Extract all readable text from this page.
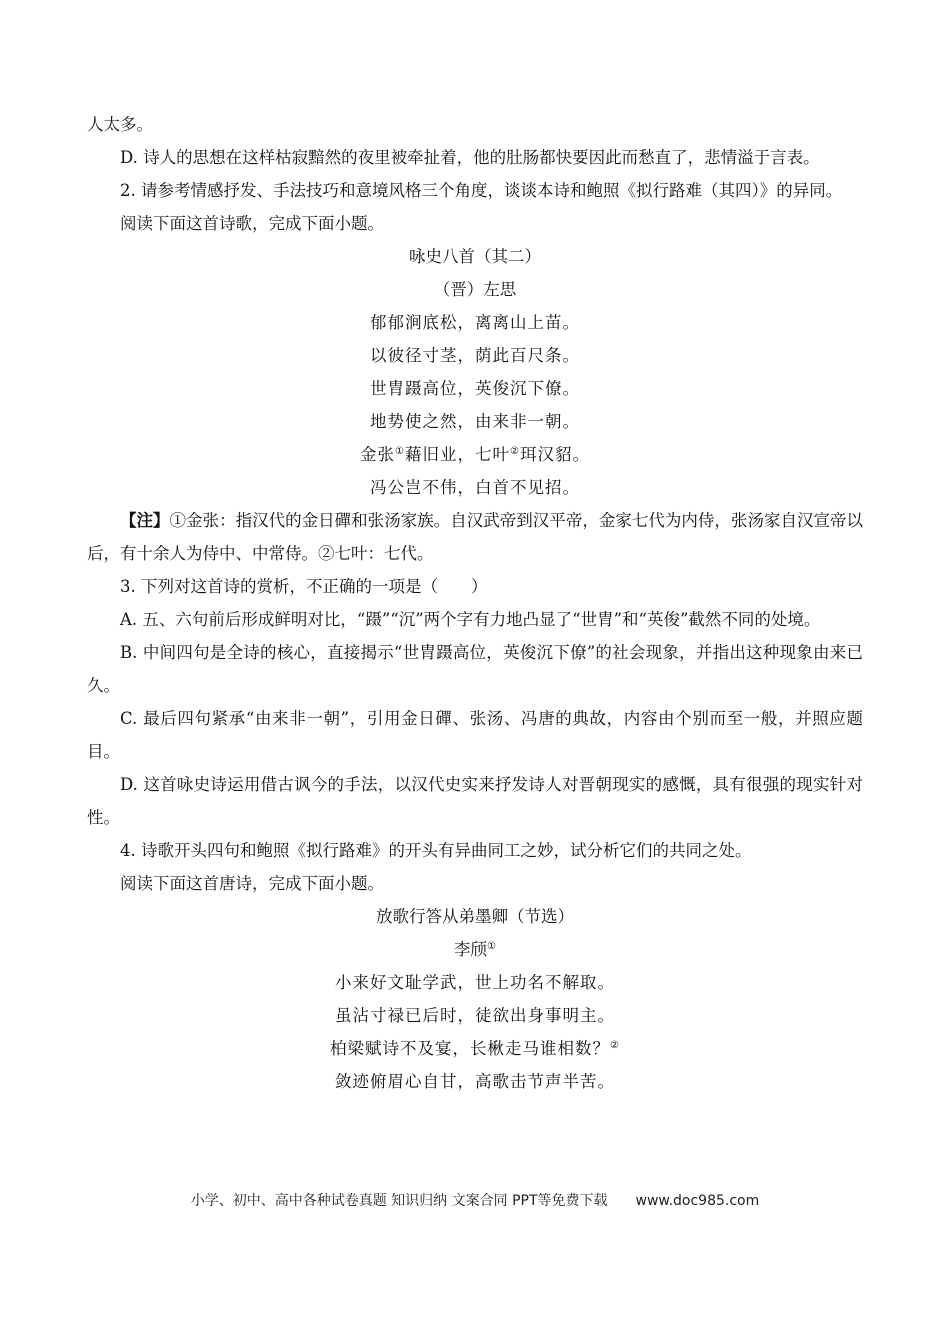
人太多。

D. 诗人的思想在这样枯寂黯然的夜里被牵扯着，他的肚肠都快要因此而愁直了，悲情溢于言表。

2. 请参考情感抒发、手法技巧和意境风格三个角度，谈谈本诗和鲍照《拟行路难（其四）》的异同。

阅读下面这首诗歌，完成下面小题。

咏史八首（其二）

（晋）左思

郁郁涧底松，离离山上苗。

以彼径寸茎，荫此百尺条。

世胄蹑高位，英俊沉下僚。

地势使之然，由来非一朝。

金张①藉旧业，七叶②珥汉貂。

冯公岂不伟，白首不见招。

【注】①金张：指汉代的金日磾和张汤家族。自汉武帝到汉平帝，金家七代为内侍，张汤家自汉宣帝以后，有十余人为侍中、中常侍。②七叶：七代。

3. 下列对这首诗的赏析，不正确的一项是（　　）

A. 五、六句前后形成鲜明对比，“蹑”“沉”两个字有力地凸显了“世胄”和“英俊”截然不同的处境。

B. 中间四句是全诗的核心，直接揭示“世胄蹑高位，英俊沉下僚”的社会现象，并指出这种现象由来已久。

C. 最后四句紧承“由来非一朝”，引用金日磾、张汤、冯唐的典故，内容由个别而至一般，并照应题目。

D. 这首咏史诗运用借古讽今的手法，以汉代史实来抒发诗人对晋朝现实的感慨，具有很强的现实针对性。

4. 诗歌开头四句和鲍照《拟行路难》的开头有异曲同工之妙，试分析它们的共同之处。

阅读下面这首唐诗，完成下面小题。

放歌行答从弟墨卿（节选）

李颀①

小来好文耻学武，世上功名不解取。

虽沾寸禄已后时，徒欲出身事明主。

柏梁赋诗不及宴，长楸走马谁相数？②

敛迹俯眉心自甘，高歌击节声半苦。

小学、初中、高中各种试卷真题 知识归纳 文案合同 PPT等免费下载 www.doc985.com
